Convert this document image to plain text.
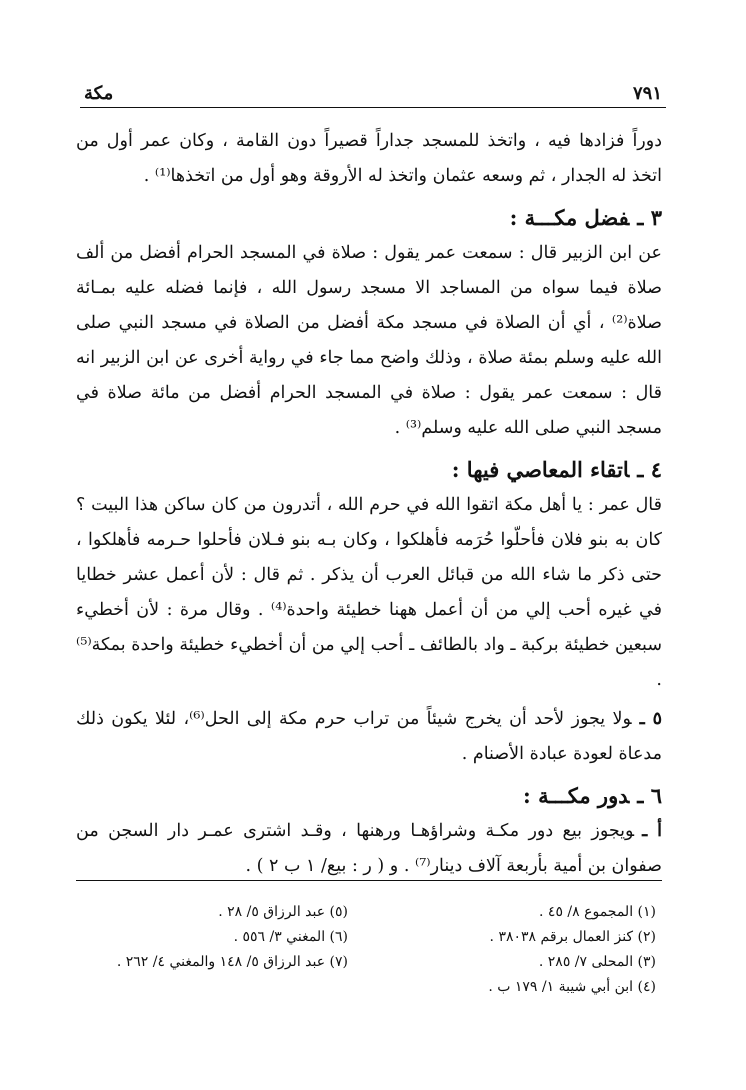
٧٩١
مكة

دوراً فزادها فيه ، واتخذ للمسجد جداراً قصيراً دون القامة ، وكان عمر أول من اتخذ له الجدار ، ثم وسعه عثمان واتخذ له الأروقة وهو أول من اتخذها⁽¹⁾ .

٣ ـفضل مكـــة :

عن ابن الزبير قال : سمعت عمر يقول : صلاة في المسجد الحرام أفضل من ألف صلاة فيما سواه من المساجد الا مسجد رسول الله ، فإنما فضله عليه بمـائة صلاة⁽²⁾ ، أي أن الصلاة في مسجد مكة أفضل من الصلاة في مسجد النبي صلى الله عليه وسلم بمئة صلاة ، وذلك واضح مما جاء في رواية أخرى عن ابن الزبير انه قال : سمعت عمر يقول : صلاة في المسجد الحرام أفضل من مائة صلاة في مسجد النبي صلى الله عليه وسلم⁽³⁾ .

٤ ـاتقاء المعاصي فيها :

قال عمر : يا أهل مكة اتقوا الله في حرم الله ، أتدرون من كان ساكن هذا البيت ؟ كان به بنو فلان فأحلّوا حُرَمه فأهلكوا ، وكان بـه بنو فـلان فأحلوا حـرمه فأهلكوا ، حتى ذكر ما شاء الله من قبائل العرب أن يذكر . ثم قال : لأن أعمل عشر خطايا في غيره أحب إلي من أن أعمل ههنا خطيئة واحدة⁽⁴⁾ . وقال مرة : لأن أخطيء سبعين خطيئة بركبة ـ واد بالطائف ـ أحب إلي من أن أخطيء خطيئة واحدة بمكة⁽⁵⁾ .

٥ ـولا يجوز لأحد أن يخرج شيئاً من تراب حرم مكة إلى الحل⁽⁶⁾، لئلا يكون ذلك مدعاة لعودة عبادة الأصنام .

٦ ـدور مكـــة :

أ ـويجوز بيع دور مكـة وشراؤهـا ورهنها ، وقـد اشترى عمـر دار السجن من صفوان بن أمية بأربعة آلاف دينار⁽⁷⁾ . و ( ر : بيع/ ١ ب ٢ ) .

(١) المجموع ٨/ ٤٥ .
(٥) عبد الرزاق ٥/ ٢٨ .
(٢) كنز العمال برقم ٣٨٠٣٨ .
(٦) المغني ٣/ ٥٥٦ .
(٣) المحلى ٧/ ٢٨٥ .
(٧) عبد الرزاق ٥/ ١٤٨ والمغني ٤/ ٢٦٢ .
(٤) ابن أبي شيبة ١/ ١٧٩ ب .
